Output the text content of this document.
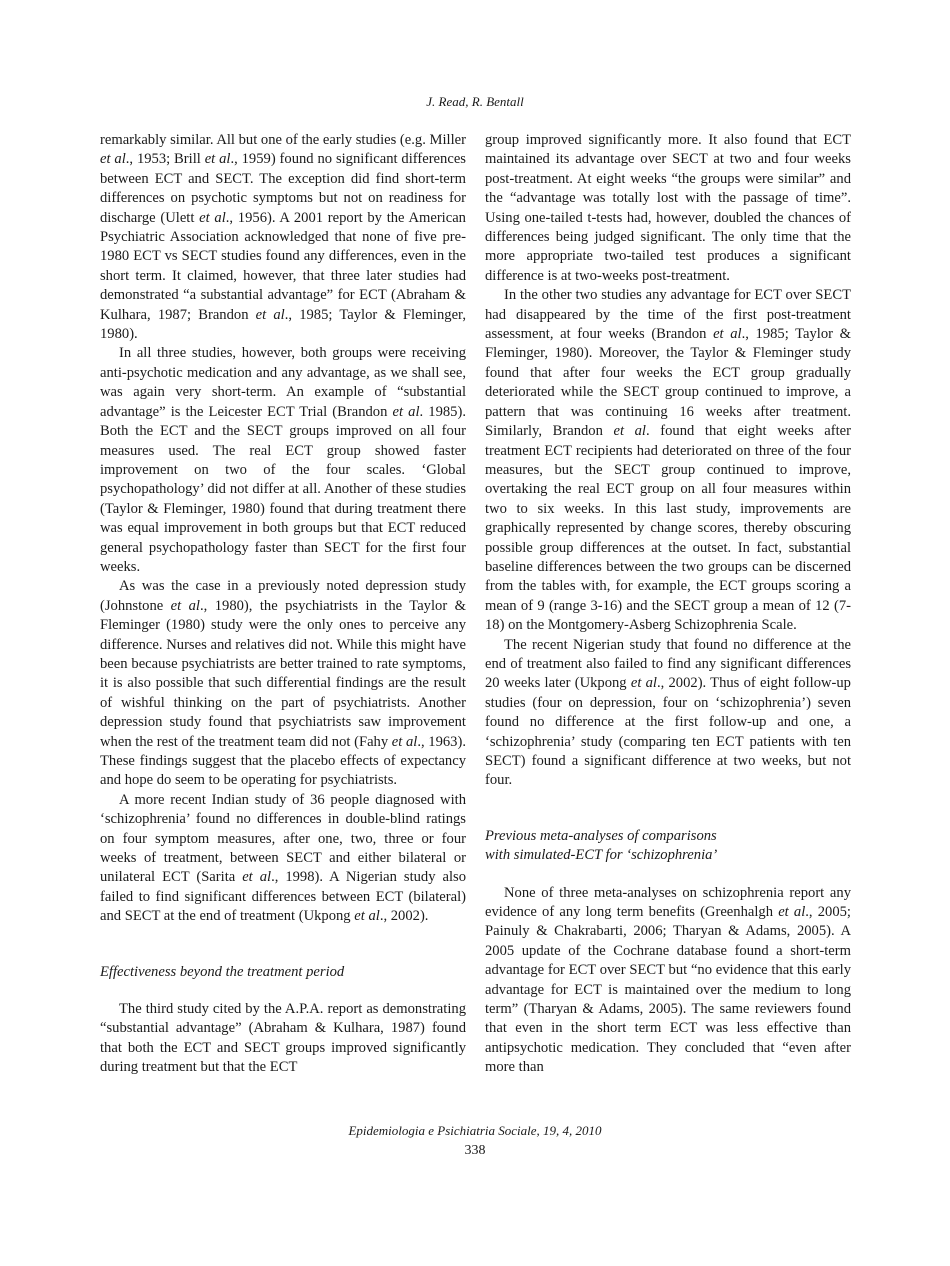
J. Read, R. Bentall

remarkably similar. All but one of the early studies (e.g. Miller et al., 1953; Brill et al., 1959) found no significant differences between ECT and SECT. The exception did find short-term differences on psychotic symptoms but not on readiness for discharge (Ulett et al., 1956). A 2001 report by the American Psychiatric Association acknowledged that none of five pre-1980 ECT vs SECT studies found any differences, even in the short term. It claimed, however, that three later studies had demonstrated “a substantial advantage” for ECT (Abraham & Kulhara, 1987; Brandon et al., 1985; Taylor & Fleminger, 1980).

In all three studies, however, both groups were receiving anti-psychotic medication and any advantage, as we shall see, was again very short-term. An example of “substantial advantage” is the Leicester ECT Trial (Brandon et al. 1985). Both the ECT and the SECT groups improved on all four measures used. The real ECT group showed faster improvement on two of the four scales. ‘Global psychopathology’ did not differ at all. Another of these studies (Taylor & Fleminger, 1980) found that during treatment there was equal improvement in both groups but that ECT reduced general psychopathology faster than SECT for the first four weeks.

As was the case in a previously noted depression study (Johnstone et al., 1980), the psychiatrists in the Taylor & Fleminger (1980) study were the only ones to perceive any difference. Nurses and relatives did not. While this might have been because psychiatrists are better trained to rate symptoms, it is also possible that such differential findings are the result of wishful thinking on the part of psychiatrists. Another depression study found that psychiatrists saw improvement when the rest of the treatment team did not (Fahy et al., 1963). These findings suggest that the placebo effects of expectancy and hope do seem to be operating for psychiatrists.

A more recent Indian study of 36 people diagnosed with ‘schizophrenia’ found no differences in double-blind ratings on four symptom measures, after one, two, three or four weeks of treatment, between SECT and either bilateral or unilateral ECT (Sarita et al., 1998). A Nigerian study also failed to find significant differences between ECT (bilateral) and SECT at the end of treatment (Ukpong et al., 2002).

Effectiveness beyond the treatment period

The third study cited by the A.P.A. report as demonstrating “substantial advantage” (Abraham & Kulhara, 1987) found that both the ECT and SECT groups improved significantly during treatment but that the ECT

group improved significantly more. It also found that ECT maintained its advantage over SECT at two and four weeks post-treatment. At eight weeks “the groups were similar” and the “advantage was totally lost with the passage of time”. Using one-tailed t-tests had, however, doubled the chances of differences being judged significant. The only time that the more appropriate two-tailed test produces a significant difference is at two-weeks post-treatment.

In the other two studies any advantage for ECT over SECT had disappeared by the time of the first post-treatment assessment, at four weeks (Brandon et al., 1985; Taylor & Fleminger, 1980). Moreover, the Taylor & Fleminger study found that after four weeks the ECT group gradually deteriorated while the SECT group continued to improve, a pattern that was continuing 16 weeks after treatment. Similarly, Brandon et al. found that eight weeks after treatment ECT recipients had deteriorated on three of the four measures, but the SECT group continued to improve, overtaking the real ECT group on all four measures within two to six weeks. In this last study, improvements are graphically represented by change scores, thereby obscuring possible group differences at the outset. In fact, substantial baseline differences between the two groups can be discerned from the tables with, for example, the ECT groups scoring a mean of 9 (range 3-16) and the SECT group a mean of 12 (7-18) on the Montgomery-Asberg Schizophrenia Scale.

The recent Nigerian study that found no difference at the end of treatment also failed to find any significant differences 20 weeks later (Ukpong et al., 2002). Thus of eight follow-up studies (four on depression, four on ‘schizophrenia’) seven found no difference at the first follow-up and one, a ‘schizophrenia’ study (comparing ten ECT patients with ten SECT) found a significant difference at two weeks, but not four.

Previous meta-analyses of comparisons
with simulated-ECT for ‘schizophrenia’

None of three meta-analyses on schizophrenia report any evidence of any long term benefits (Greenhalgh et al., 2005; Painuly & Chakrabarti, 2006; Tharyan & Adams, 2005). A 2005 update of the Cochrane database found a short-term advantage for ECT over SECT but “no evidence that this early advantage for ECT is maintained over the medium to long term” (Tharyan & Adams, 2005). The same reviewers found that even in the short term ECT was less effective than antipsychotic medication. They concluded that “even after more than

Epidemiologia e Psichiatria Sociale, 19, 4, 2010
338
